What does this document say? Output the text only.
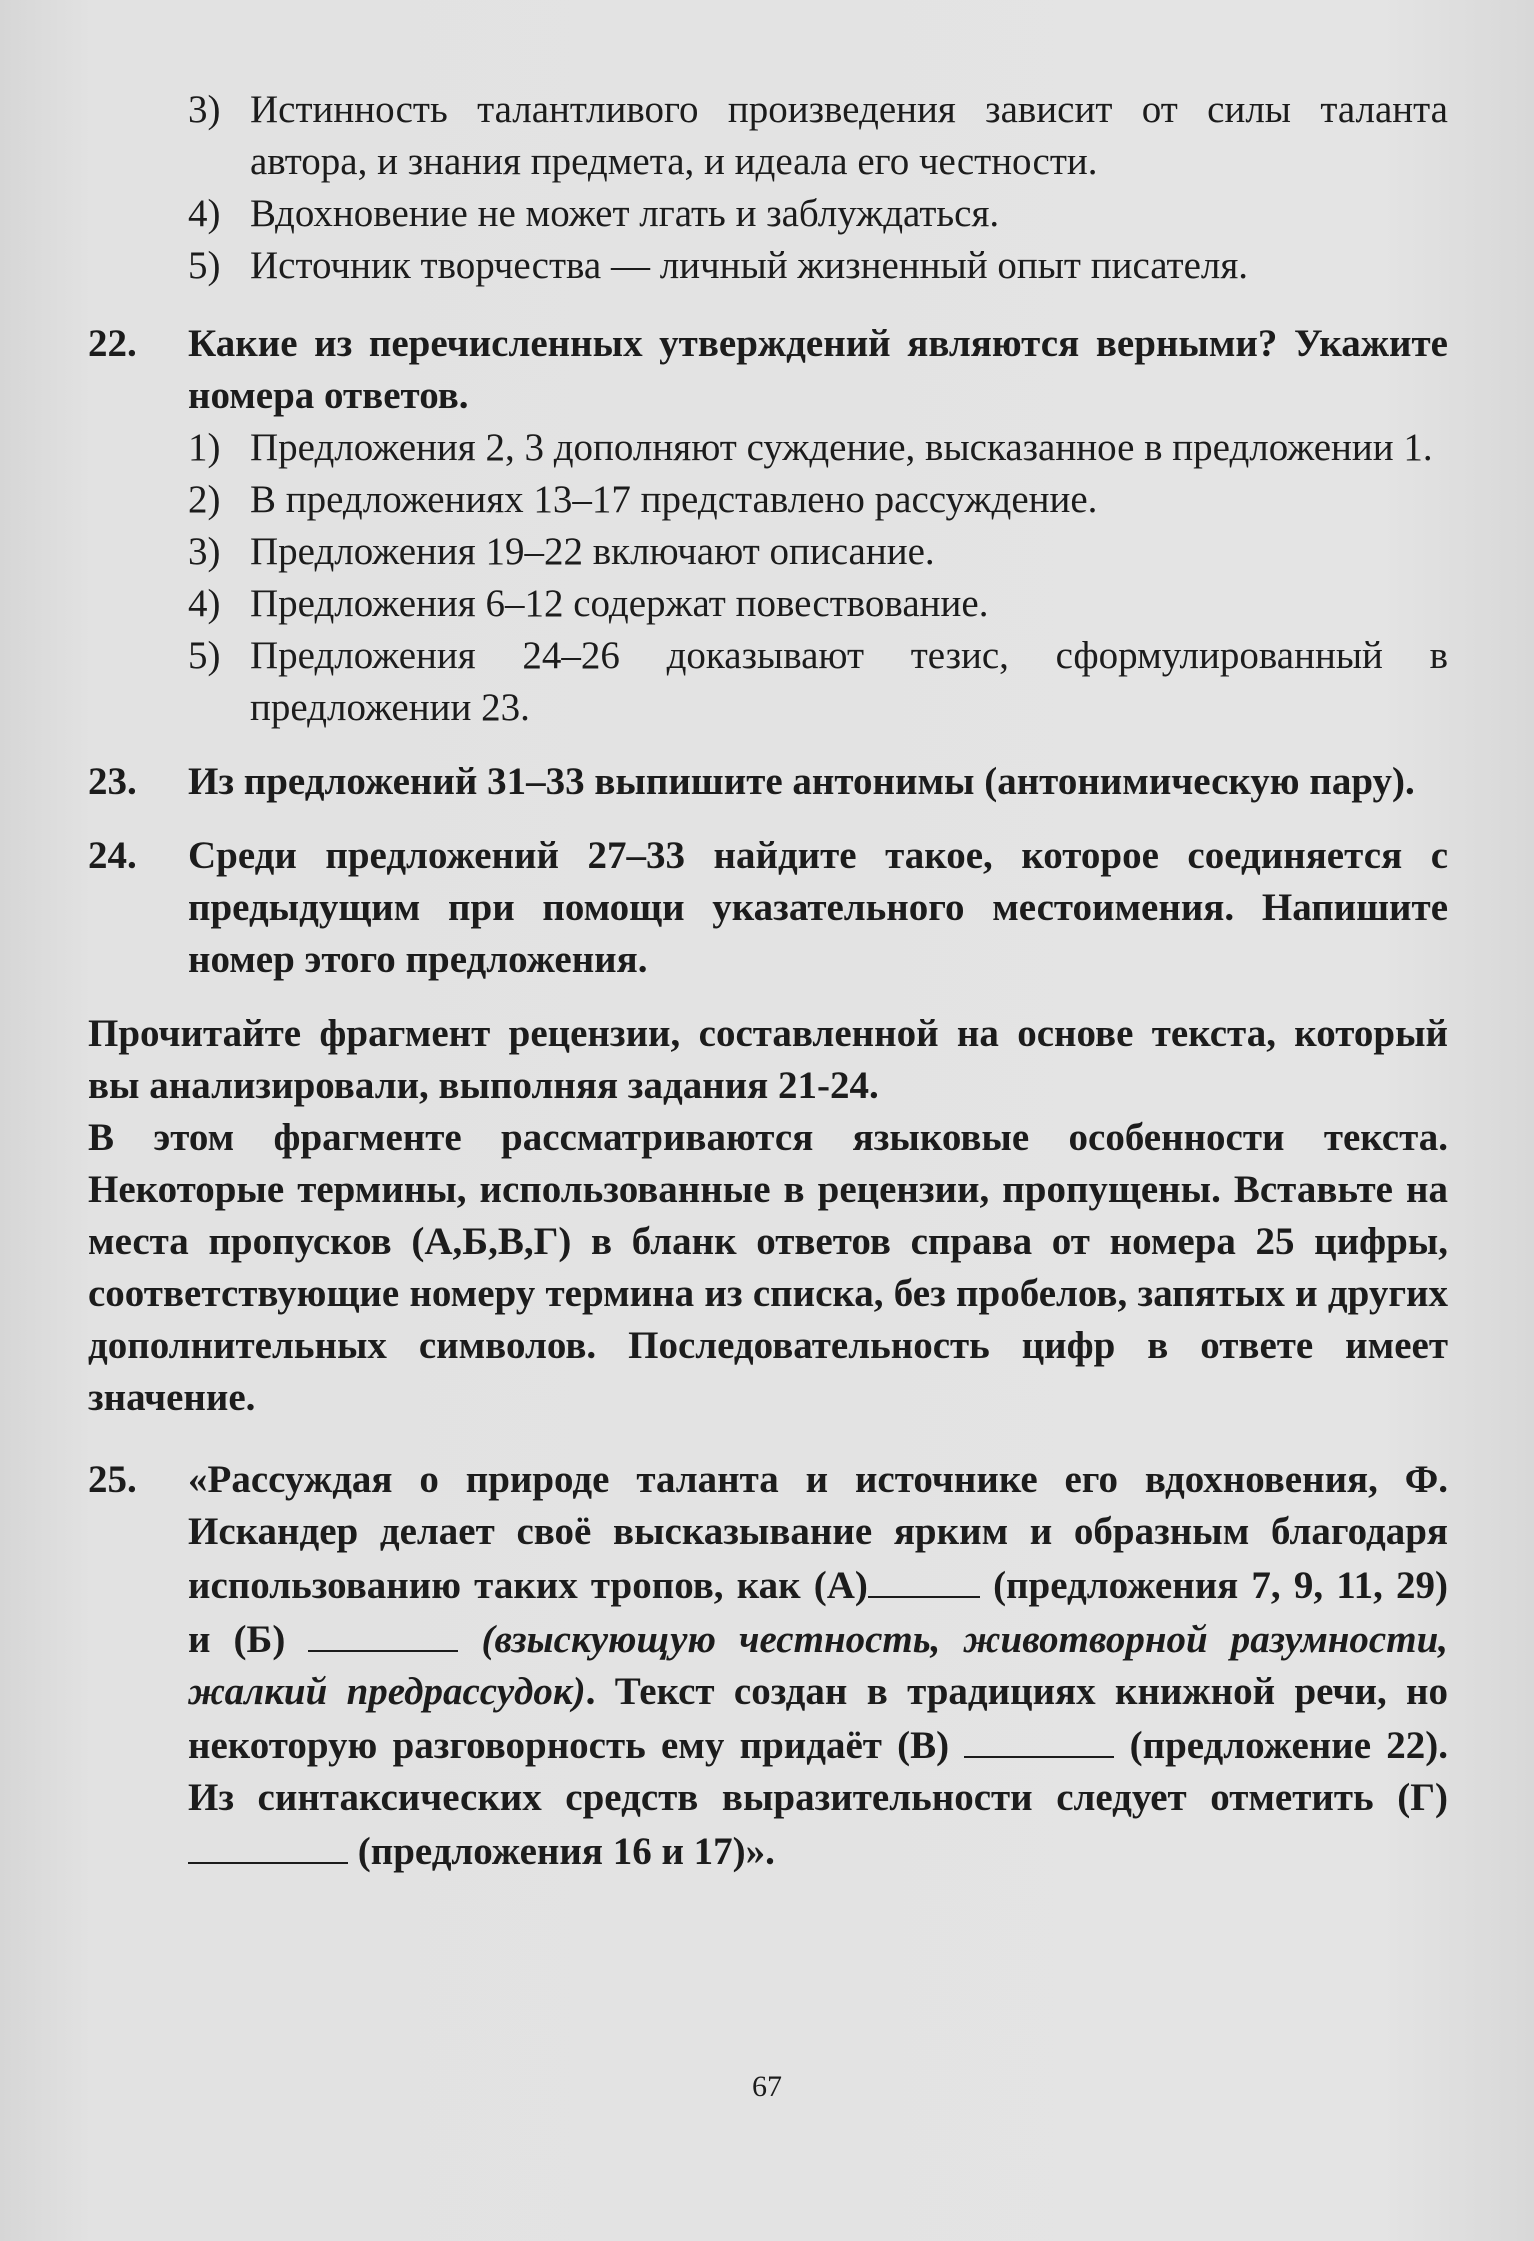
3) Истинность талантливого произведения зависит от силы таланта автора, и знания предмета, и идеала его честности.
4) Вдохновение не может лгать и заблуждаться.
5) Источник творчества — личный жизненный опыт писателя.
22.	Какие из перечисленных утверждений являются верными? Укажите номера ответов.
1) Предложения 2, 3 дополняют суждение, высказанное в предложении 1.
2) В предложениях 13–17 представлено рассуждение.
3) Предложения 19–22 включают описание.
4) Предложения 6–12 содержат повествование.
5) Предложения 24–26 доказывают тезис, сформулированный в предложении 23.
23.	Из предложений 31–33 выпишите антонимы (антонимическую пару).
24.	Среди предложений 27–33 найдите такое, которое соединяется с предыдущим при помощи указательного местоимения. Напишите номер этого предложения.
Прочитайте фрагмент рецензии, составленной на основе текста, который вы анализировали, выполняя задания 21-24.
В этом фрагменте рассматриваются языковые особенности текста. Некоторые термины, использованные в рецензии, пропущены. Вставьте на места пропусков (А,Б,В,Г) в бланк ответов справа от номера 25 цифры, соответствующие номеру термина из списка, без пробелов, запятых и других дополнительных символов. Последовательность цифр в ответе имеет значение.
25.	«Рассуждая о природе таланта и источнике его вдохновения, Ф. Искандер делает своё высказывание ярким и образным благодаря использованию таких тропов, как (А)	(предложения 7, 9, 11, 29) и (Б)	(взыскующую честность, животворной разумности, жалкий предрассудок). Текст создан в традициях книжной речи, но некоторую разговорность ему придаёт (В)	(предложение 22). Из синтаксических средств выразительности следует отметить (Г)  (предложения 16 и 17)».
67
